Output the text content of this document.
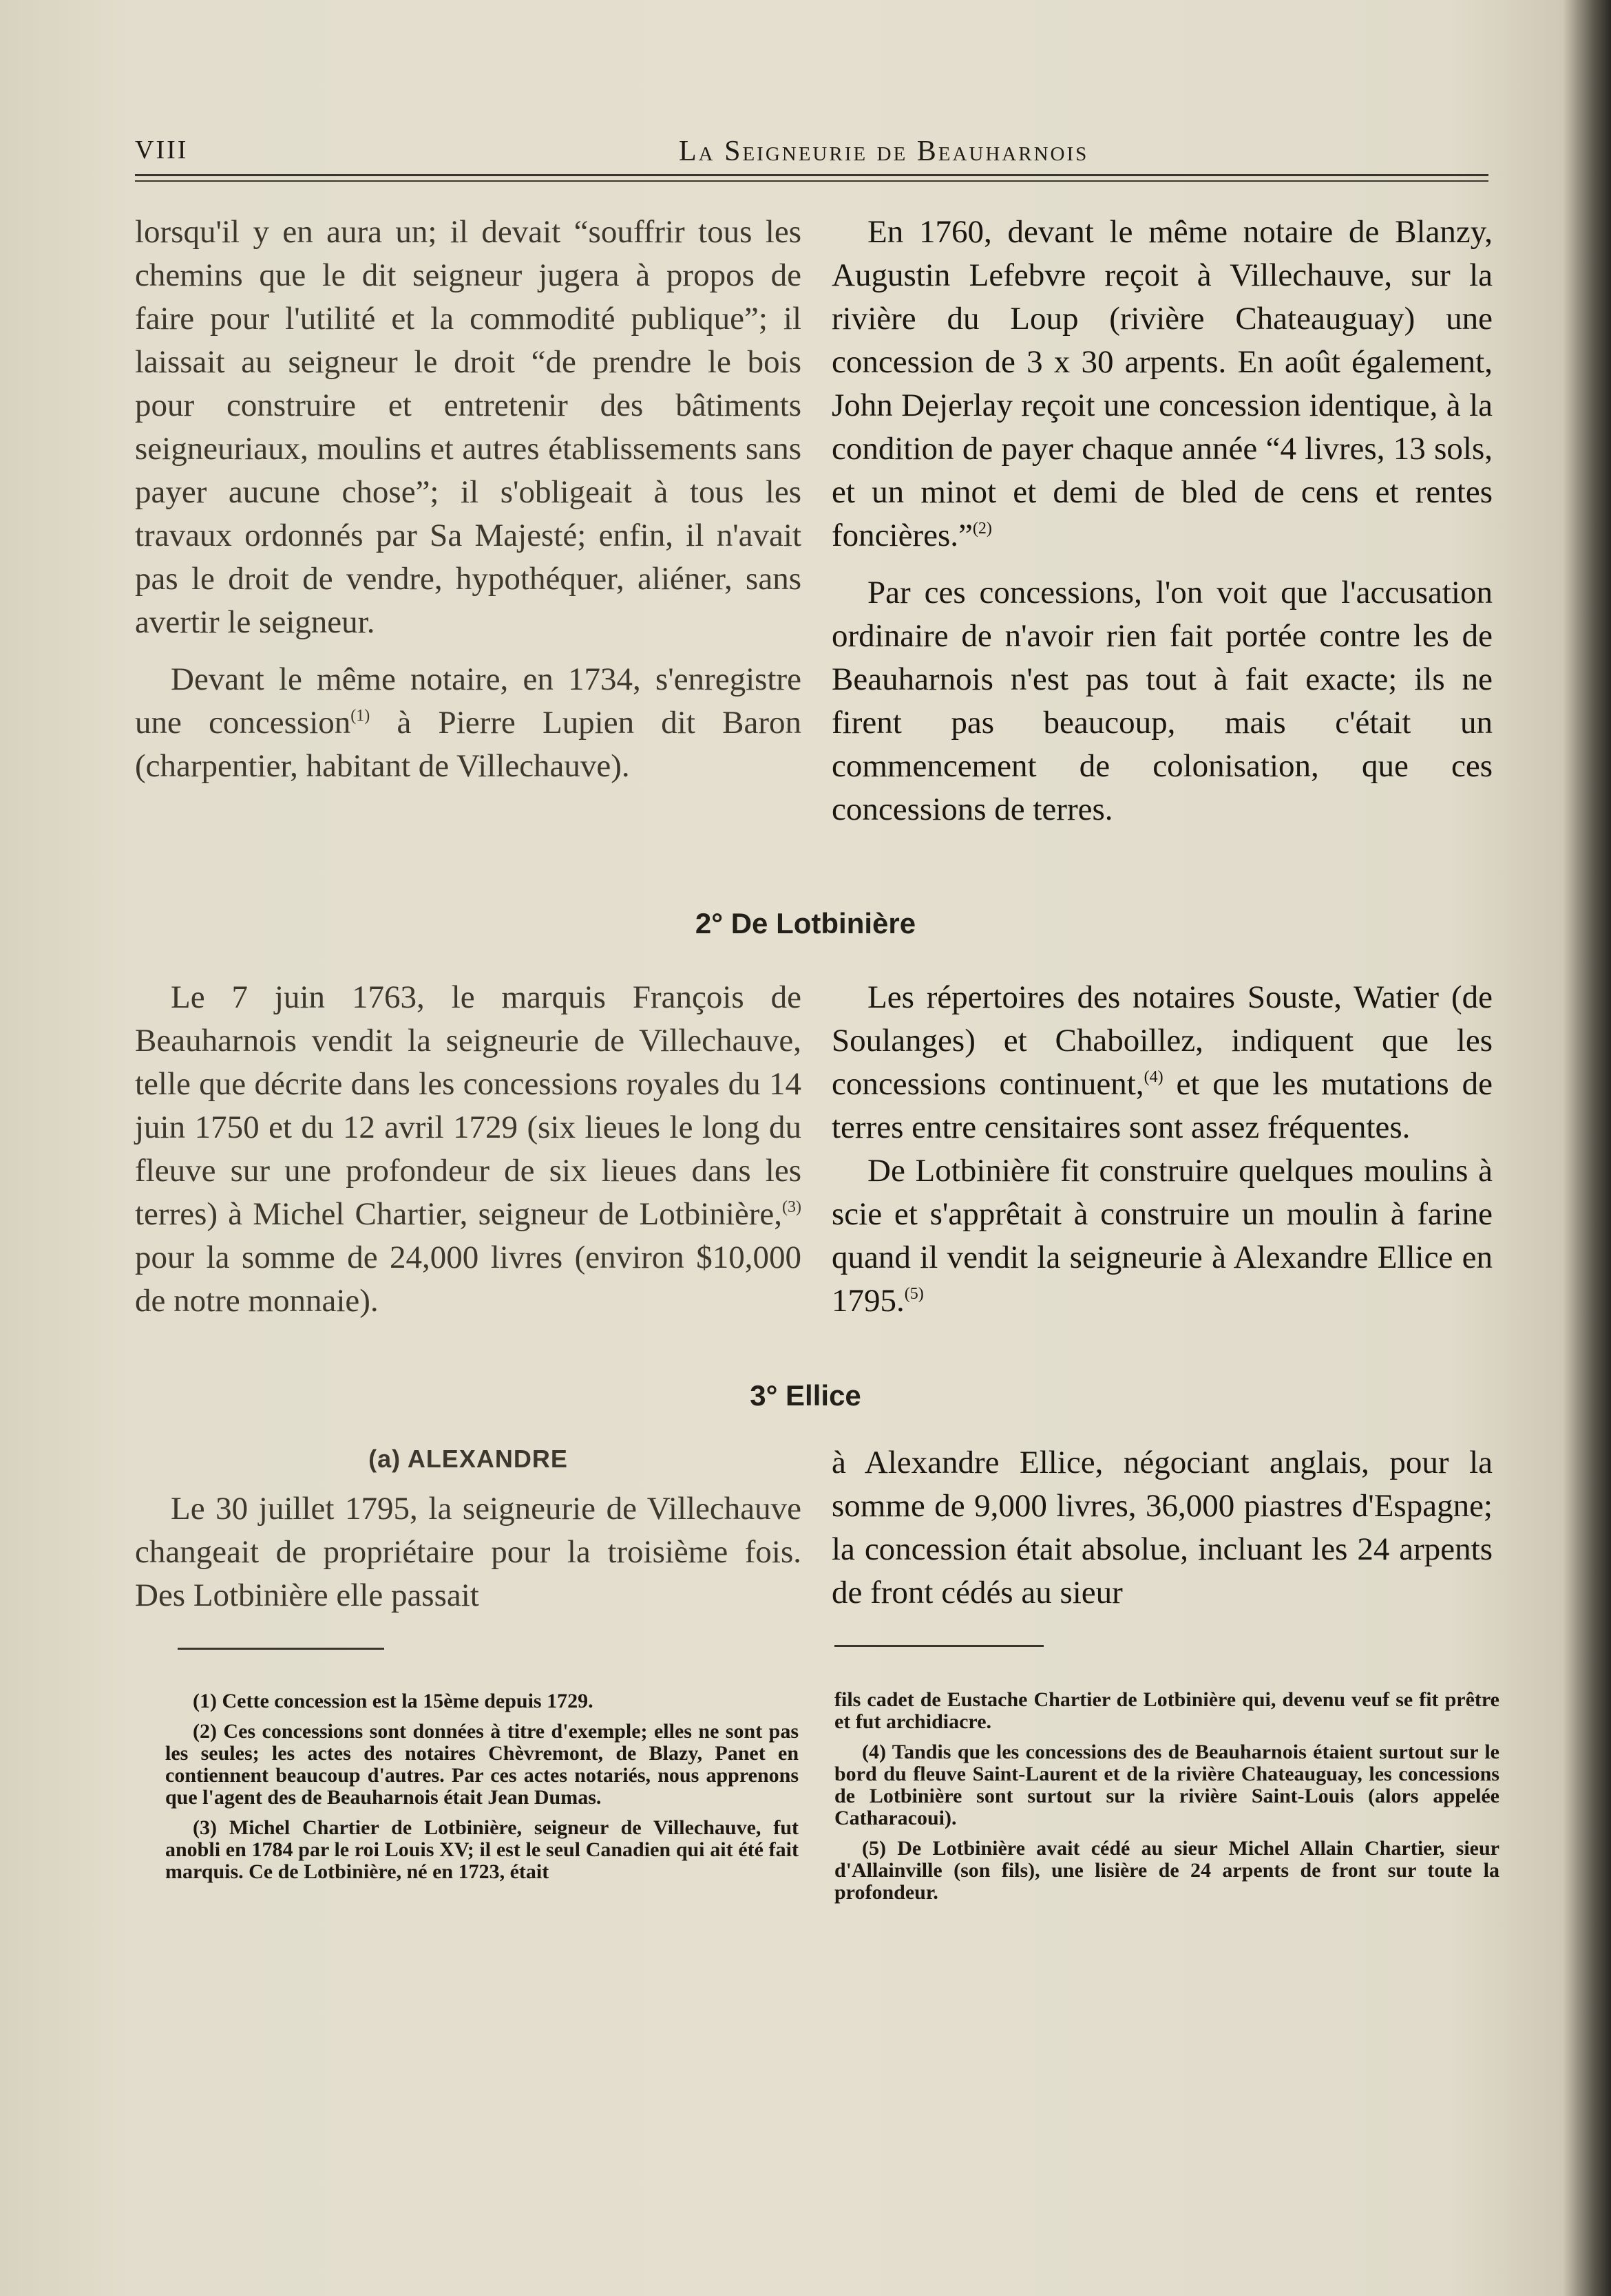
VIII	La Seigneurie de Beauharnois

lorsqu'il y en aura un; il devait “souffrir tous les chemins que le dit seigneur jugera à propos de faire pour l'utilité et la commodité publique”; il laissait au seigneur le droit “de prendre le bois pour construire et entretenir des bâtiments seigneuriaux, moulins et autres établissements sans payer aucune chose”; il s'obligeait à tous les travaux ordonnés par Sa Majesté; enfin, il n'avait pas le droit de vendre, hypothéquer, aliéner, sans avertir le seigneur.

Devant le même notaire, en 1734, s'enregistre une concession$^{(1)}$ à Pierre Lupien dit Baron (charpentier, habitant de Villechauve).

En 1760, devant le même notaire de Blanzy, Augustin Lefebvre reçoit à Villechauve, sur la rivière du Loup (rivière Chateauguay) une concession de 3 x 30 arpents. En août également, John Dejerlay reçoit une concession identique, à la condition de payer chaque année “4 livres, 13 sols, et un minot et demi de bled de cens et rentes foncières.”$^{(2)}$

Par ces concessions, l'on voit que l'accusation ordinaire de n'avoir rien fait portée contre les de Beauharnois n'est pas tout à fait exacte; ils ne firent pas beaucoup, mais c'était un commencement de colonisation, que ces concessions de terres.

2° De Lotbinière

Le 7 juin 1763, le marquis François de Beauharnois vendit la seigneurie de Villechauve, telle que décrite dans les concessions royales du 14 juin 1750 et du 12 avril 1729 (six lieues le long du fleuve sur une profondeur de six lieues dans les terres) à Michel Chartier, seigneur de Lotbinière,$^{(3)}$ pour la somme de 24,000 livres (environ $10,000 de notre monnaie).

Les répertoires des notaires Souste, Watier (de Soulanges) et Chaboillez, indiquent que les concessions continuent,$^{(4)}$ et que les mutations de terres entre censitaires sont assez fréquentes.

De Lotbinière fit construire quelques moulins à scie et s'apprêtait à construire un moulin à farine quand il vendit la seigneurie à Alexandre Ellice en 1795.$^{(5)}$

3° Ellice

(a) ALEXANDRE

Le 30 juillet 1795, la seigneurie de Villechauve changeait de propriétaire pour la troisième fois. Des Lotbinière elle passait

à Alexandre Ellice, négociant anglais, pour la somme de 9,000 livres, 36,000 piastres d'Espagne; la concession était absolue, incluant les 24 arpents de front cédés au sieur

(1) Cette concession est la 15ème depuis 1729.

(2) Ces concessions sont données à titre d'exemple; elles ne sont pas les seules; les actes des notaires Chèvremont, de Blazy, Panet en contiennent beaucoup d'autres. Par ces actes notariés, nous apprenons que l'agent des de Beauharnois était Jean Dumas.

(3) Michel Chartier de Lotbinière, seigneur de Villechauve, fut anobli en 1784 par le roi Louis XV; il est le seul Canadien qui ait été fait marquis. Ce de Lotbinière, né en 1723, était

fils cadet de Eustache Chartier de Lotbinière qui, devenu veuf se fit prêtre et fut archidiacre.

(4) Tandis que les concessions des de Beauharnois étaient surtout sur le bord du fleuve Saint-Laurent et de la rivière Chateauguay, les concessions de Lotbinière sont surtout sur la rivière Saint-Louis (alors appelée Catharacoui).

(5) De Lotbinière avait cédé au sieur Michel Allain Chartier, sieur d'Allainville (son fils), une lisière de 24 arpents de front sur toute la profondeur.
